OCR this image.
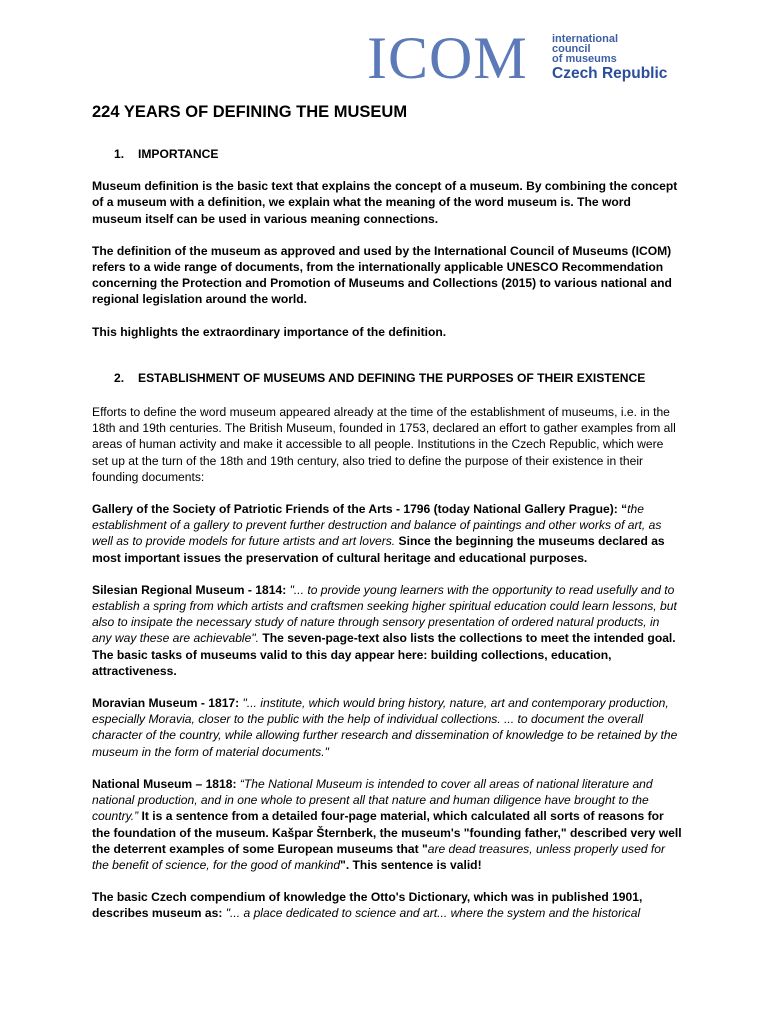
ICOM international
council
of museums
Czech Republic
224 YEARS OF DEFINING THE MUSEUM
1. IMPORTANCE

Museum definition is the basic text that explains the concept of a museum. By combining the concept of a museum with a definition, we explain what the meaning of the word museum is. The word museum itself can be used in various meaning connections.

The definition of the museum as approved and used by the International Council of Museums (ICOM) refers to a wide range of documents, from the internationally applicable UNESCO Recommendation concerning the Protection and Promotion of Museums and Collections (2015) to various national and regional legislation around the world.

This highlights the extraordinary importance of the definition.

2. ESTABLISHMENT OF MUSEUMS AND DEFINING THE PURPOSES OF THEIR EXISTENCE

Efforts to define the word museum appeared already at the time of the establishment of museums, i.e. in the 18th and 19th centuries. The British Museum, founded in 1753, declared an effort to gather examples from all areas of human activity and make it accessible to all people. Institutions in the Czech Republic, which were set up at the turn of the 18th and 19th century, also tried to define the purpose of their existence in their founding documents:

Gallery of the Society of Patriotic Friends of the Arts - 1796 (today National Gallery Prague): “the establishment of a gallery to prevent further destruction and balance of paintings and other works of art, as well as to provide models for future artists and art lovers. Since the beginning the museums declared as most important issues the preservation of cultural heritage and educational purposes.

Silesian Regional Museum - 1814: "... to provide young learners with the opportunity to read usefully and to establish a spring from which artists and craftsmen seeking higher spiritual education could learn lessons, but also to insipate the necessary study of nature through sensory presentation of ordered natural products, in any way these are achievable". The seven-page-text also lists the collections to meet the intended goal. The basic tasks of museums valid to this day appear here: building collections, education, attractiveness.

Moravian Museum - 1817: "... institute, which would bring history, nature, art and contemporary production, especially Moravia, closer to the public with the help of individual collections. ... to document the overall character of the country, while allowing further research and dissemination of knowledge to be retained by the museum in the form of material documents."

National Museum – 1818: “The National Museum is intended to cover all areas of national literature and national production, and in one whole to present all that nature and human diligence have brought to the country.” It is a sentence from a detailed four-page material, which calculated all sorts of reasons for the foundation of the museum. Kašpar Šternberk, the museum's "founding father," described very well the deterrent examples of some European museums that "are dead treasures, unless properly used for the benefit of science, for the good of mankind". This sentence is valid!

The basic Czech compendium of knowledge the Otto's Dictionary, which was in published 1901, describes museum as: "... a place dedicated to science and art... where the system and the historical
